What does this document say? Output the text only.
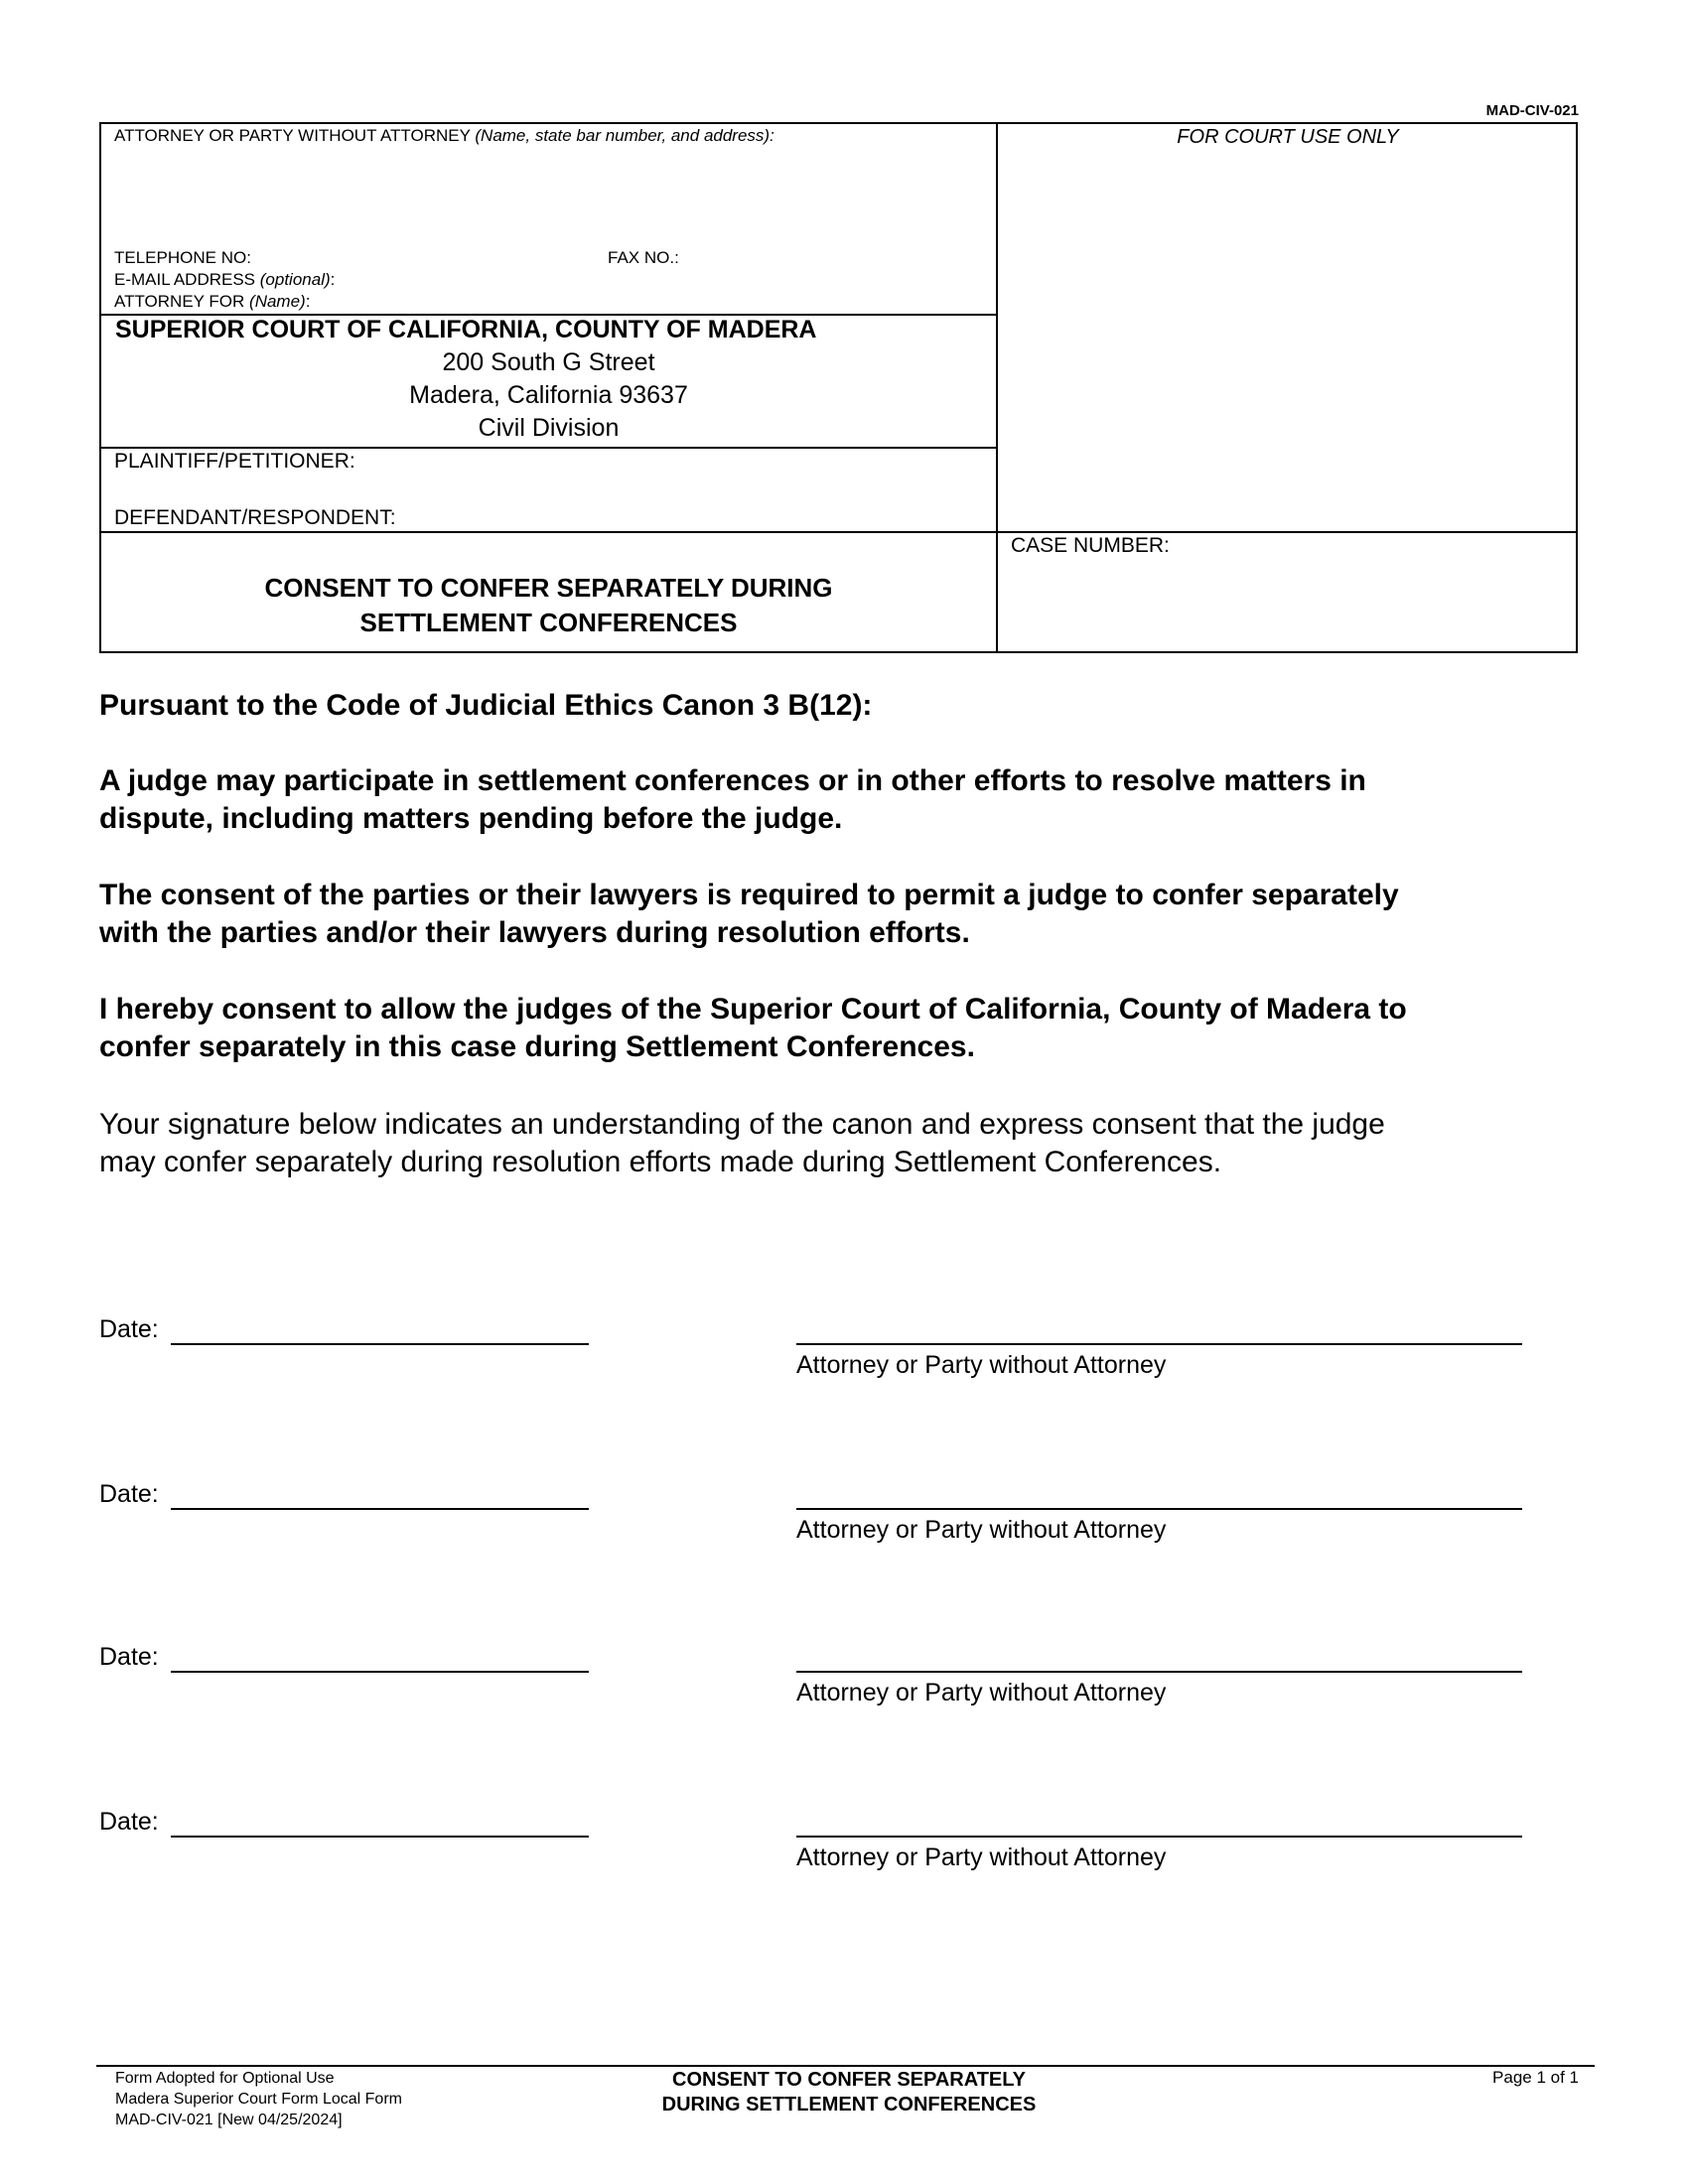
MAD-CIV-021
ATTORNEY OR PARTY WITHOUT ATTORNEY (Name, state bar number, and address):	FOR COURT USE ONLY
TELEPHONE NO:	FAX NO.:
E-MAIL ADDRESS (optional):
ATTORNEY FOR (Name):
SUPERIOR COURT OF CALIFORNIA, COUNTY OF MADERA
200 South G Street
Madera, California 93637
Civil Division
PLAINTIFF/PETITIONER:
DEFENDANT/RESPONDENT:
CASE NUMBER:
CONSENT TO CONFER SEPARATELY DURING
SETTLEMENT CONFERENCES
Pursuant to the Code of Judicial Ethics Canon 3 B(12):
A judge may participate in settlement conferences or in other efforts to resolve matters in
dispute, including matters pending before the judge.
The consent of the parties or their lawyers is required to permit a judge to confer separately
with the parties and/or their lawyers during resolution efforts.
I hereby consent to allow the judges of the Superior Court of California, County of Madera to
confer separately in this case during Settlement Conferences.
Your signature below indicates an understanding of the canon and express consent that the judge
may confer separately during resolution efforts made during Settlement Conferences.
Date:
Attorney or Party without Attorney
Date:
Attorney or Party without Attorney
Date:
Attorney or Party without Attorney
Date:
Attorney or Party without Attorney
Form Adopted for Optional Use
Madera Superior Court Form Local Form
MAD-CIV-021 [New 04/25/2024]
CONSENT TO CONFER SEPARATELY
DURING SETTLEMENT CONFERENCES
Page 1 of 1
